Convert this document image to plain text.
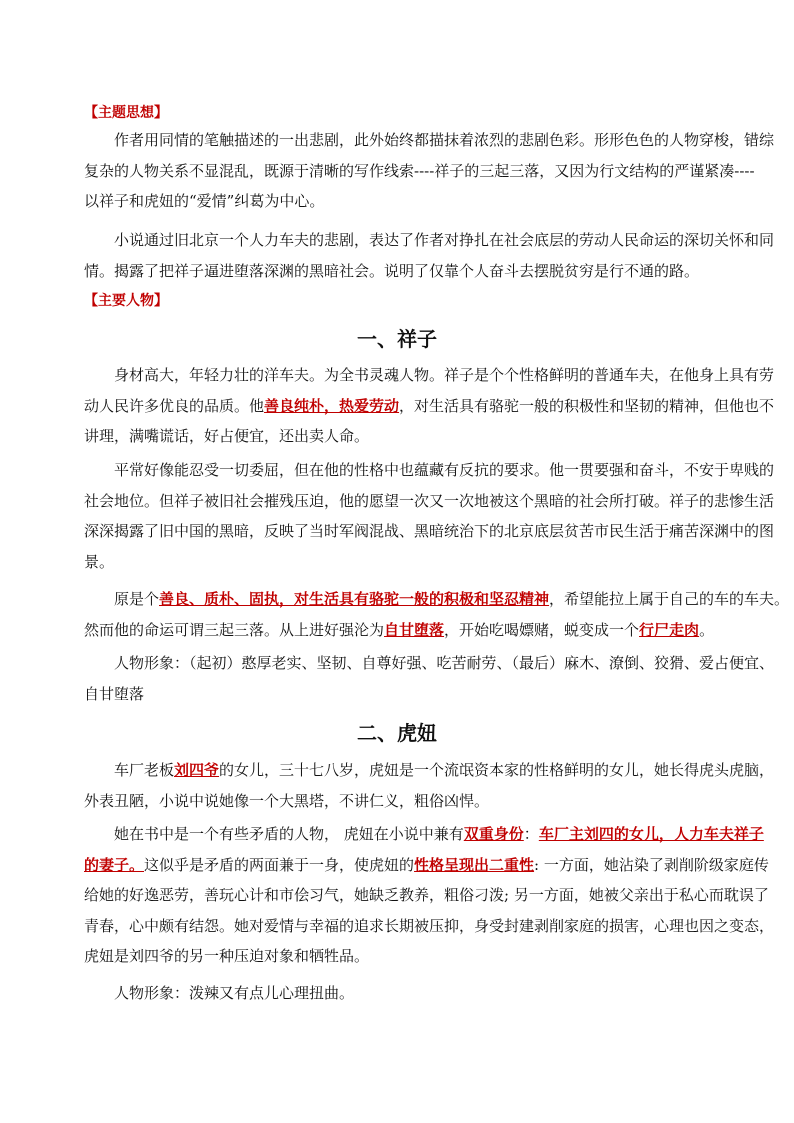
【主题思想】
作者用同情的笔触描述的一出悲剧，此外始终都描抹着浓烈的悲剧色彩。形形色色的人物穿梭，错综
复杂的人物关系不显混乱，既源于清晰的写作线索----祥子的三起三落，又因为行文结构的严谨紧凑----
以祥子和虎妞的“爱情”纠葛为中心。
小说通过旧北京一个人力车夫的悲剧，表达了作者对挣扎在社会底层的劳动人民命运的深切关怀和同
情。揭露了把祥子逼进堕落深渊的黑暗社会。说明了仅靠个人奋斗去摆脱贫穷是行不通的路。
【主要人物】
一、祥子
身材高大，年轻力壮的洋车夫。为全书灵魂人物。祥子是个个性格鲜明的普通车夫，在他身上具有劳
动人民许多优良的品质。他善良纯朴，热爱劳动，对生活具有骆驼一般的积极性和坚韧的精神，但他也不
讲理，满嘴谎话，好占便宜，还出卖人命。
平常好像能忍受一切委屈，但在他的性格中也蕴藏有反抗的要求。他一贯要强和奋斗，不安于卑贱的
社会地位。但祥子被旧社会摧残压迫，他的愿望一次又一次地被这个黑暗的社会所打破。祥子的悲惨生活
深深揭露了旧中国的黑暗，反映了当时军阀混战、黑暗统治下的北京底层贫苦市民生活于痛苦深渊中的图
景。
原是个善良、质朴、固执，对生活具有骆驼一般的积极和坚忍精神，希望能拉上属于自己的车的车夫。
然而他的命运可谓三起三落。从上进好强沦为自甘堕落，开始吃喝嫖赌，蜕变成一个行尸走肉。
人物形象：（起初）憨厚老实、坚韧、自尊好强、吃苦耐劳、（最后）麻木、潦倒、狡猾、爱占便宜、
自甘堕落
二、虎妞
车厂老板刘四爷的女儿，三十七八岁，虎妞是一个流氓资本家的性格鲜明的女儿，她长得虎头虎脑，
外表丑陋，小说中说她像一个大黑塔，不讲仁义，粗俗凶悍。
她在书中是一个有些矛盾的人物， 虎妞在小说中兼有双重身份：车厂主刘四的女儿，人力车夫祥子
的妻子。这似乎是矛盾的两面兼于一身，使虎妞的性格呈现出二重性: 一方面，她沾染了剥削阶级家庭传
给她的好逸恶劳，善玩心计和市侩习气，她缺乏教养，粗俗刁泼; 另一方面，她被父亲出于私心而耽误了
青春，心中颇有结怨。她对爱情与幸福的追求长期被压抑，身受封建剥削家庭的损害，心理也因之变态，
虎妞是刘四爷的另一种压迫对象和牺牲品。
人物形象：泼辣又有点儿心理扭曲。
